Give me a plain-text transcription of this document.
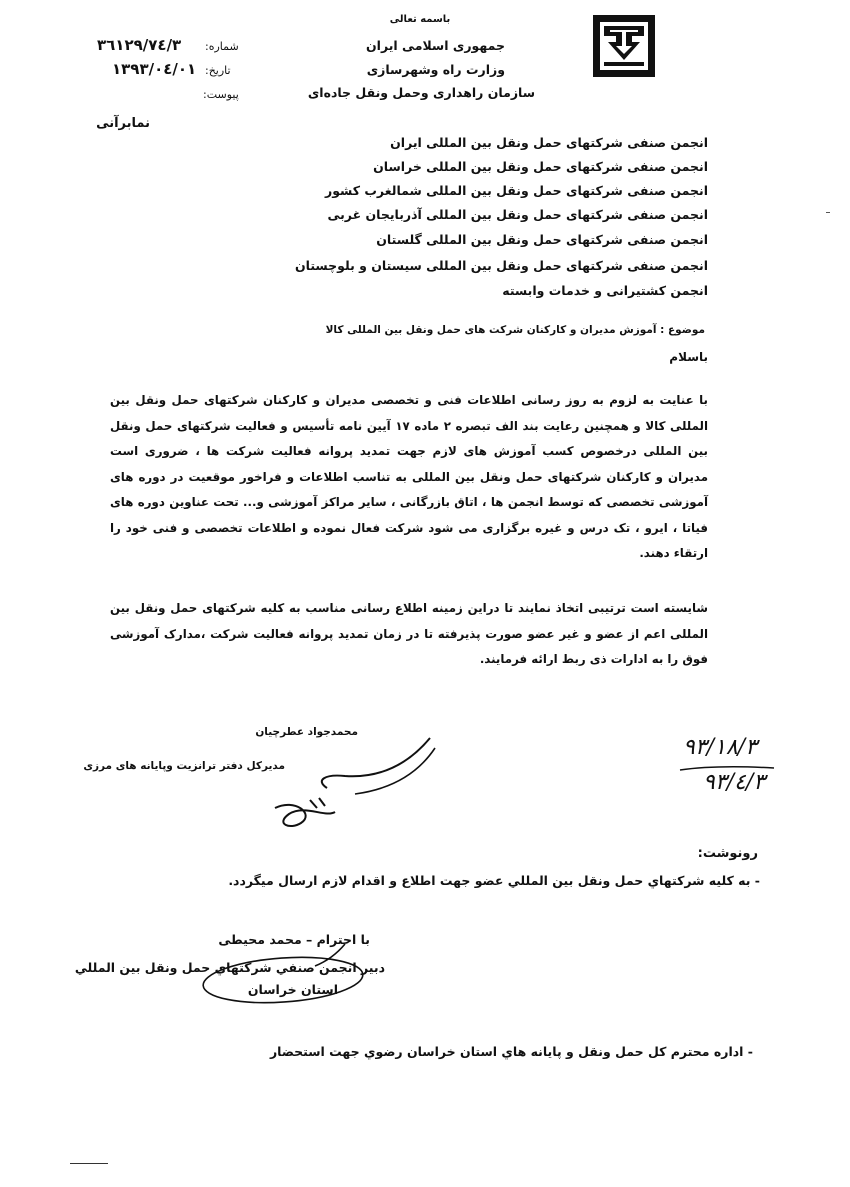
باسمه تعالی
جمهوری اسلامی ایران
وزارت راه وشهرسازی
سازمان راهداری وحمل ونقل جاده‌ای
شماره:
٣٦١٢٩/٧٤/٣
تاریخ:
١٣٩٣/٠٤/٠١
پیوست:
نمابرآنی
انجمن صنفی شرکتهای حمل ونقل بین المللی ایران
انجمن صنفی شرکتهای حمل ونقل بین المللی خراسان
انجمن صنفی شرکتهای حمل ونقل بین المللی شمالغرب کشور
انجمن صنفی شرکتهای حمل ونقل بین المللی آذربایجان غربی
انجمن صنفی شرکتهای حمل ونقل بین المللی گلستان
انجمن صنفی شرکتهای حمل ونقل بین المللی سیستان و بلوچستان
انجمن کشتیرانی و خدمات وابسته
موضوع : آموزش مدیران و کارکنان شرکت های حمل ونقل بین المللی کالا
باسلام
با عنایت به لزوم به روز رسانی اطلاعات فنی و تخصصی مدیران و کارکنان شرکتهای حمل ونقل بین المللی کالا و همچنین رعایت بند الف تبصره ٢ ماده ١٧ آیین نامه تأسیس و فعالیت شرکتهای حمل ونقل بین المللی درخصوص کسب آموزش های لازم جهت تمدید پروانه فعالیت شرکت ها ، ضروری است مدیران و کارکنان شرکتهای حمل ونقل بین المللی به تناسب اطلاعات و فراخور موقعیت در دوره های آموزشی تخصصی که توسط انجمن ها ، اتاق بازرگانی ، سایر مراکز آموزشی و... تحت عناوین دوره های فیاتا ، ایرو ، تک درس و غیره برگزاری می شود شرکت فعال نموده و اطلاعات تخصصی و فنی خود را ارتقاء دهند.
شایسته است ترتیبی اتخاذ نمایند تا دراین زمینه اطلاع رسانی مناسب به کلیه شرکتهای حمل ونقل بین المللی اعم از عضو و غیر عضو صورت پذیرفته تا در زمان تمدید پروانه فعالیت شرکت ،مدارک آموزشی فوق را به ادارات ذی ربط ارائه فرمایند.
محمدجواد عطرچیان
مدیرکل دفتر ترانزیت وپایانه های مرزی
٩٣/١٨/٣
٩٣/٤/٣
رونوشت:
- به کلیه شرکتهاي حمل ونقل بین المللي عضو جهت اطلاع و اقدام لازم ارسال میگردد.
با احترام – محمد محیطی
دبیر انجمن صنفي شرکتهاي حمل ونقل بین المللي
استان خراسان
- اداره محترم کل حمل ونقل و پایانه هاي استان خراسان رضوي جهت استحضار
